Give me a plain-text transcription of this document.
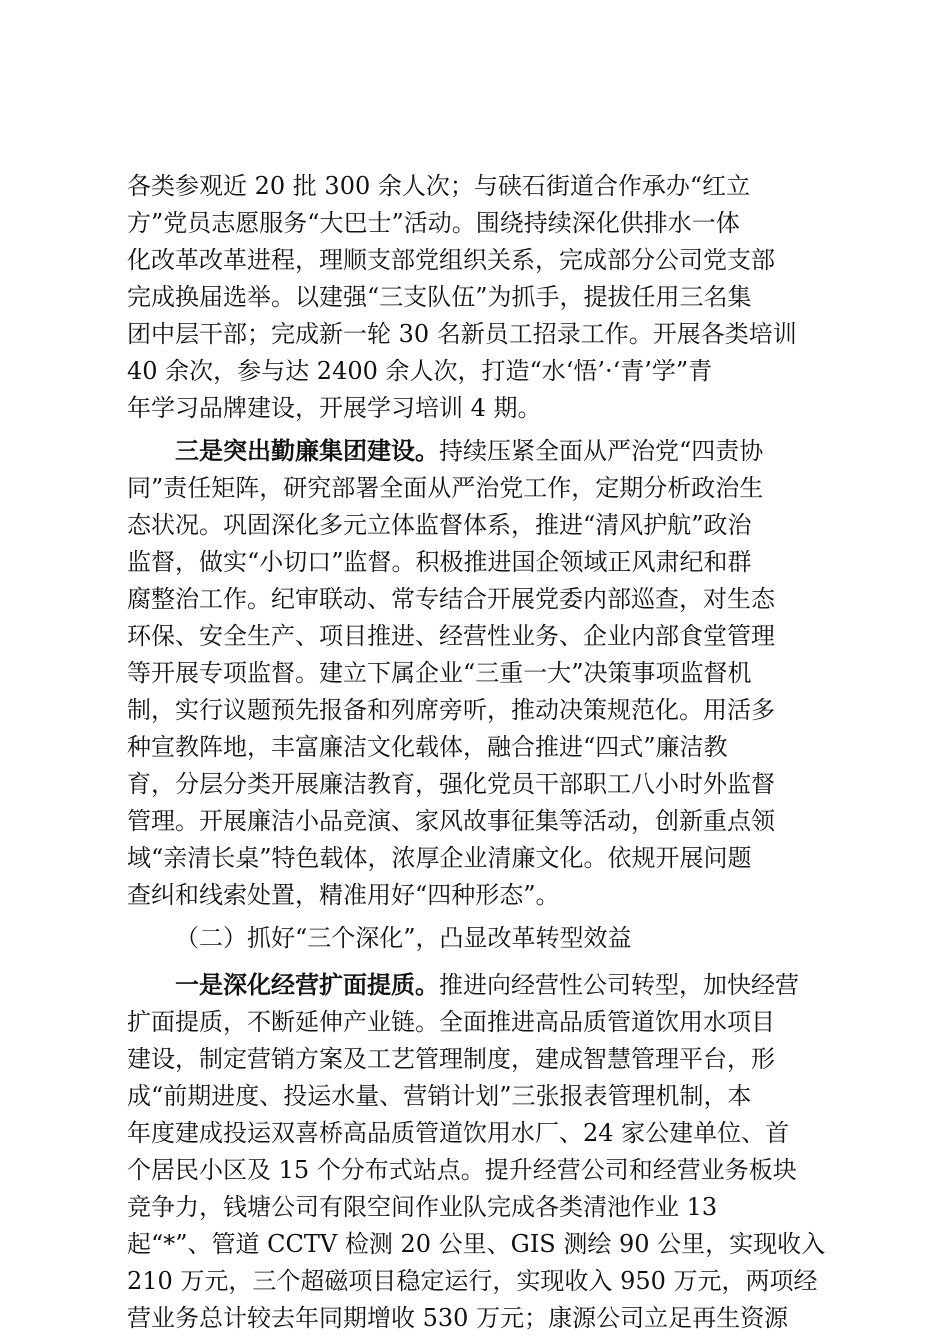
各类参观近 20 批 300 余人次；与硖石街道合作承办“红立
方”党员志愿服务“大巴士”活动。围绕持续深化供排水一体
化改革改革进程，理顺支部党组织关系，完成部分公司党支部
完成换届选举。以建强“三支队伍”为抓手，提拔任用三名集
团中层干部；完成新一轮 30 名新员工招录工作。开展各类培训
40 余次，参与达 2400 余人次，打造“水‘悟’·‘青’学”青
年学习品牌建设，开展学习培训 4 期。
三是突出勤廉集团建设。持续压紧全面从严治党“四责协
同”责任矩阵，研究部署全面从严治党工作，定期分析政治生
态状况。巩固深化多元立体监督体系，推进“清风护航”政治
监督，做实“小切口”监督。积极推进国企领域正风肃纪和群
腐整治工作。纪审联动、常专结合开展党委内部巡查，对生态
环保、安全生产、项目推进、经营性业务、企业内部食堂管理
等开展专项监督。建立下属企业“三重一大”决策事项监督机
制，实行议题预先报备和列席旁听，推动决策规范化。用活多
种宣教阵地，丰富廉洁文化载体，融合推进“四式”廉洁教
育，分层分类开展廉洁教育，强化党员干部职工八小时外监督
管理。开展廉洁小品竞演、家风故事征集等活动，创新重点领
域“亲清长桌”特色载体，浓厚企业清廉文化。依规开展问题
查纠和线索处置，精准用好“四种形态”。
（二）抓好“三个深化”，凸显改革转型效益
一是深化经营扩面提质。推进向经营性公司转型，加快经营
扩面提质，不断延伸产业链。全面推进高品质管道饮用水项目
建设，制定营销方案及工艺管理制度，建成智慧管理平台，形
成“前期进度、投运水量、营销计划”三张报表管理机制，本
年度建成投运双喜桥高品质管道饮用水厂、24 家公建单位、首
个居民小区及 15 个分布式站点。提升经营公司和经营业务板块
竞争力，钱塘公司有限空间作业队完成各类清池作业 13
起“*”、管道 CCTV 检测 20 公里、GIS 测绘 90 公里，实现收入
210 万元，三个超磁项目稳定运行，实现收入 950 万元，两项经
营业务总计较去年同期增收 530 万元；康源公司立足再生资源
